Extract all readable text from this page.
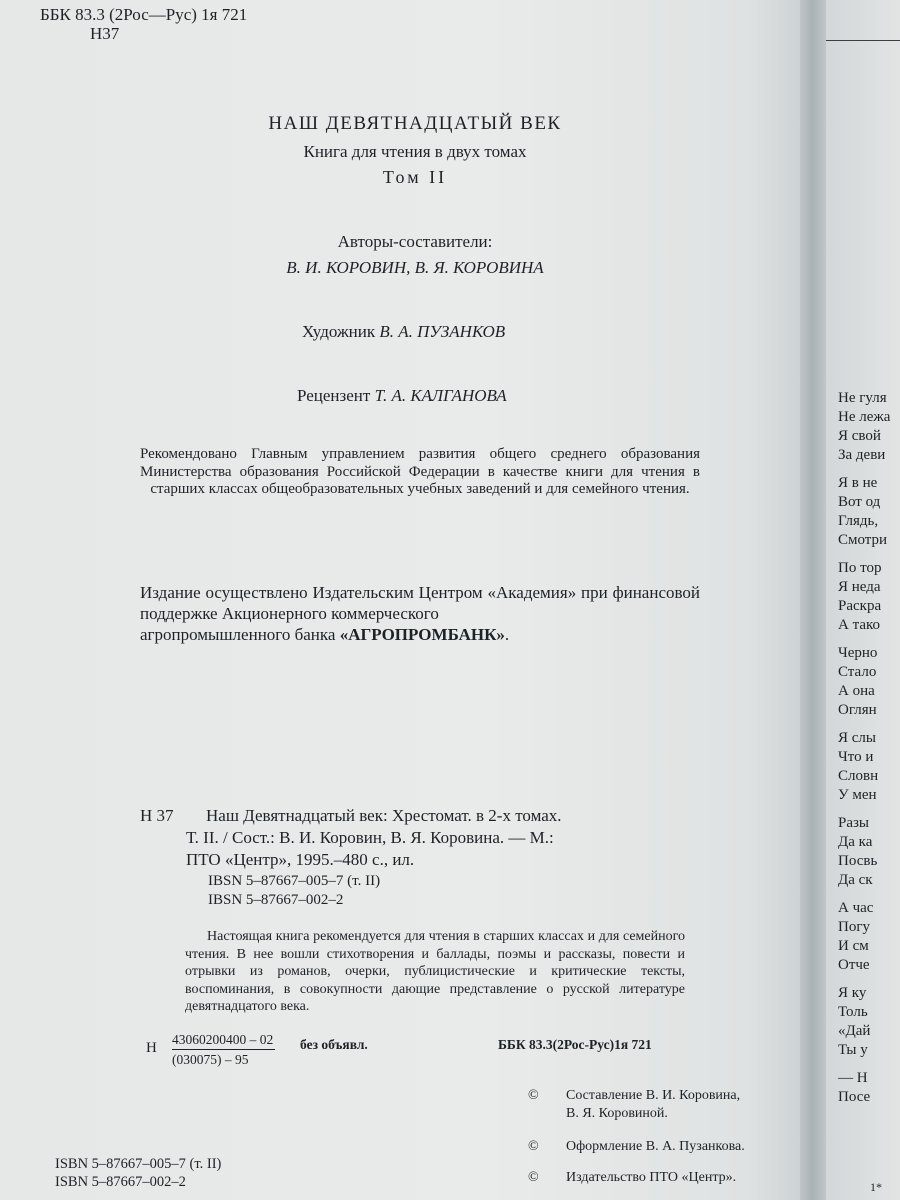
ББК 83.3 (2Рос—Рус) 1я 721
Н37
НАШ ДЕВЯТНАДЦАТЫЙ ВЕК
Книга для чтения в двух томах
Том II
Авторы-составители:
В. И. КОРОВИН, В. Я. КОРОВИНА
Художник В. А. ПУЗАНКОВ
Рецензент Т. А. КАЛГАНОВА
Рекомендовано Главным управлением развития общего среднего образования Министерства образования Российской Федерации в качестве книги для чтения в старших классах общеобразовательных учебных заведений и для семейного чтения.
Издание осуществлено Издательским Центром «Академия» при финансовой поддержке Акционерного коммерческого
агропромышленного банка «АГРОПРОМБАНК».
Н 37 Наш Девятнадцатый век: Хрестомат. в 2-х томах.
Т. II. / Сост.: В. И. Коровин, В. Я. Коровина. — М.:
ПТО «Центр», 1995.–480 с., ил.
IBSN 5–87667–005–7 (т. II)
IBSN 5–87667–002–2
Настоящая книга рекомендуется для чтения в старших классах и для семейного чтения. В нее вошли стихотворения и баллады, поэмы и рассказы, повести и отрывки из романов, очерки, публицистические и критические тексты, воспоминания, в совокупности дающие представление о русской литературе девятнадцатого века.
Н
43060200400 – 02
(030075) – 95
без объявл.	ББК 83.3(2Рос-Рус)1я 721
© Составление В. И. Коровина,
В. Я. Коровиной.
© Оформление В. А. Пузанкова.
© Издательство ПТО «Центр».
ISBN 5–87667–005–7 (т. II)
ISBN 5–87667–002–2	1*
Не гуля
Не лежа
Я свой
За деви
Я в не
Вот од
Глядь,
Смотри
По тор
Я неда
Раскра
А тако
Черно
Стало
А она
Оглян
Я слы
Что и
Словн
У мен
Разы
Да ка
Посвь
Да ск
А час
Погу
И см
Отче
Я ку
Толь
«Дай
Ты у
— Н
Посе
